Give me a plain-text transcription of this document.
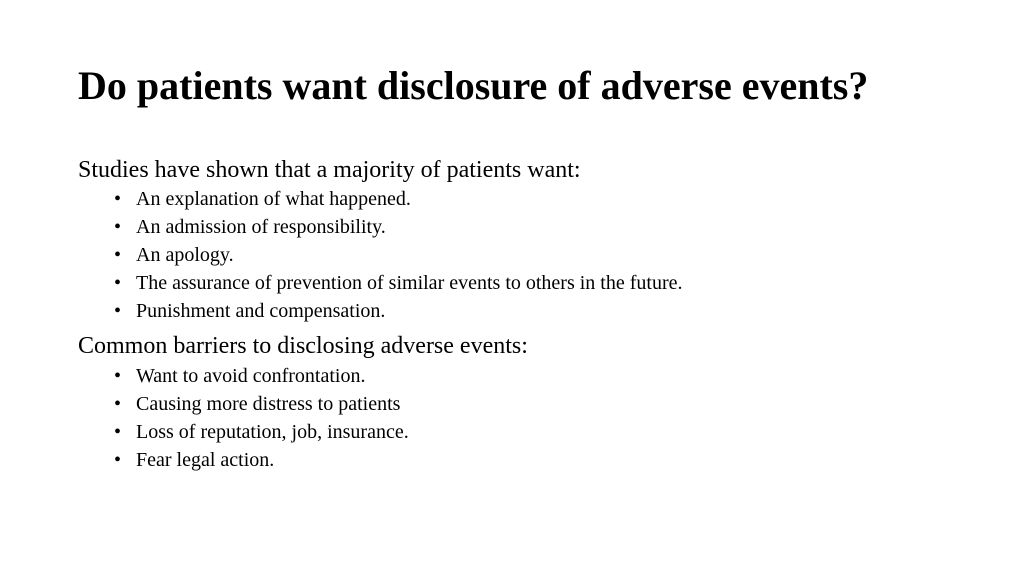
Do patients want disclosure of adverse events?

Studies have shown that a majority of patients want:

• An explanation of what happened.
• An admission of responsibility.
• An apology.
• The assurance of prevention of similar events to others in the future.
• Punishment and compensation.

Common barriers to disclosing adverse events:

• Want to avoid confrontation.
• Causing more distress to patients
• Loss of reputation, job, insurance.
• Fear legal action.
